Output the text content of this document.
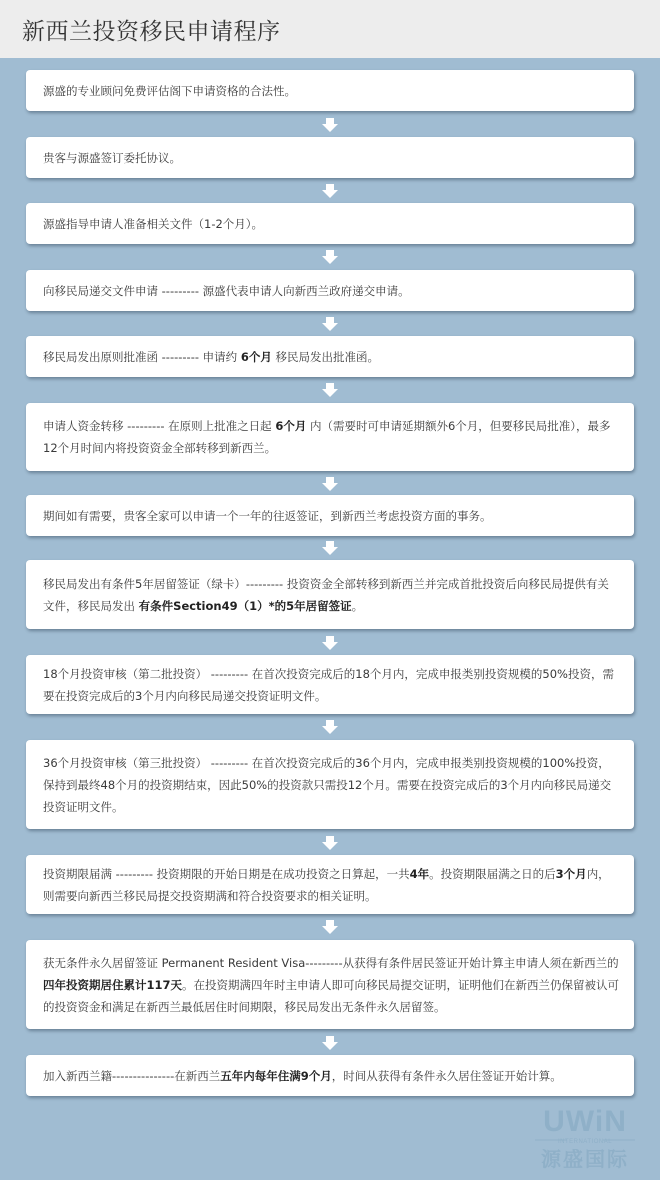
新西兰投资移民申请程序
源盛的专业顾问免费评估阁下申请资格的合法性。
贵客与源盛签订委托协议。
源盛指导申请人准备相关文件（1-2个月）。
向移民局递交文件申请 --------- 源盛代表申请人向新西兰政府递交申请。
移民局发出原则批准函 --------- 申请约 6个月 移民局发出批准函。
申请人资金转移 --------- 在原则上批准之日起 6个月 内（需要时可申请延期额外6个月，但要移民局批准），最多12个月时间内将投资资金全部转移到新西兰。
期间如有需要，贵客全家可以申请一个一年的往返签证，到新西兰考虑投资方面的事务。
移民局发出有条件5年居留签证（绿卡）--------- 投资资金全部转移到新西兰并完成首批投资后向移民局提供有关文件，移民局发出 有条件Section49（1）*的5年居留签证。
18个月投资审核（第二批投资） --------- 在首次投资完成后的18个月内，完成申报类别投资规模的50%投资，需要在投资完成后的3个月内向移民局递交投资证明文件。
36个月投资审核（第三批投资） --------- 在首次投资完成后的36个月内，完成申报类别投资规模的100%投资，保持到最终48个月的投资期结束，因此50%的投资款只需投12个月。需要在投资完成后的3个月内向移民局递交投资证明文件。
投资期限届满 --------- 投资期限的开始日期是在成功投资之日算起，一共4年。投资期限届满之日的后3个月内，则需要向新西兰移民局提交投资期满和符合投资要求的相关证明。
获无条件永久居留签证 Permanent Resident Visa---------从获得有条件居民签证开始计算主申请人须在新西兰的四年投资期居住累计117天。在投资期满四年时主申请人即可向移民局提交证明，证明他们在新西兰仍保留被认可的投资资金和满足在新西兰最低居住时间期限，移民局发出无条件永久居留签。
加入新西兰籍---------------在新西兰五年内每年住满9个月，时间从获得有条件永久居住签证开始计算。
UWiN
INTERNATIONAL
源盛国际
